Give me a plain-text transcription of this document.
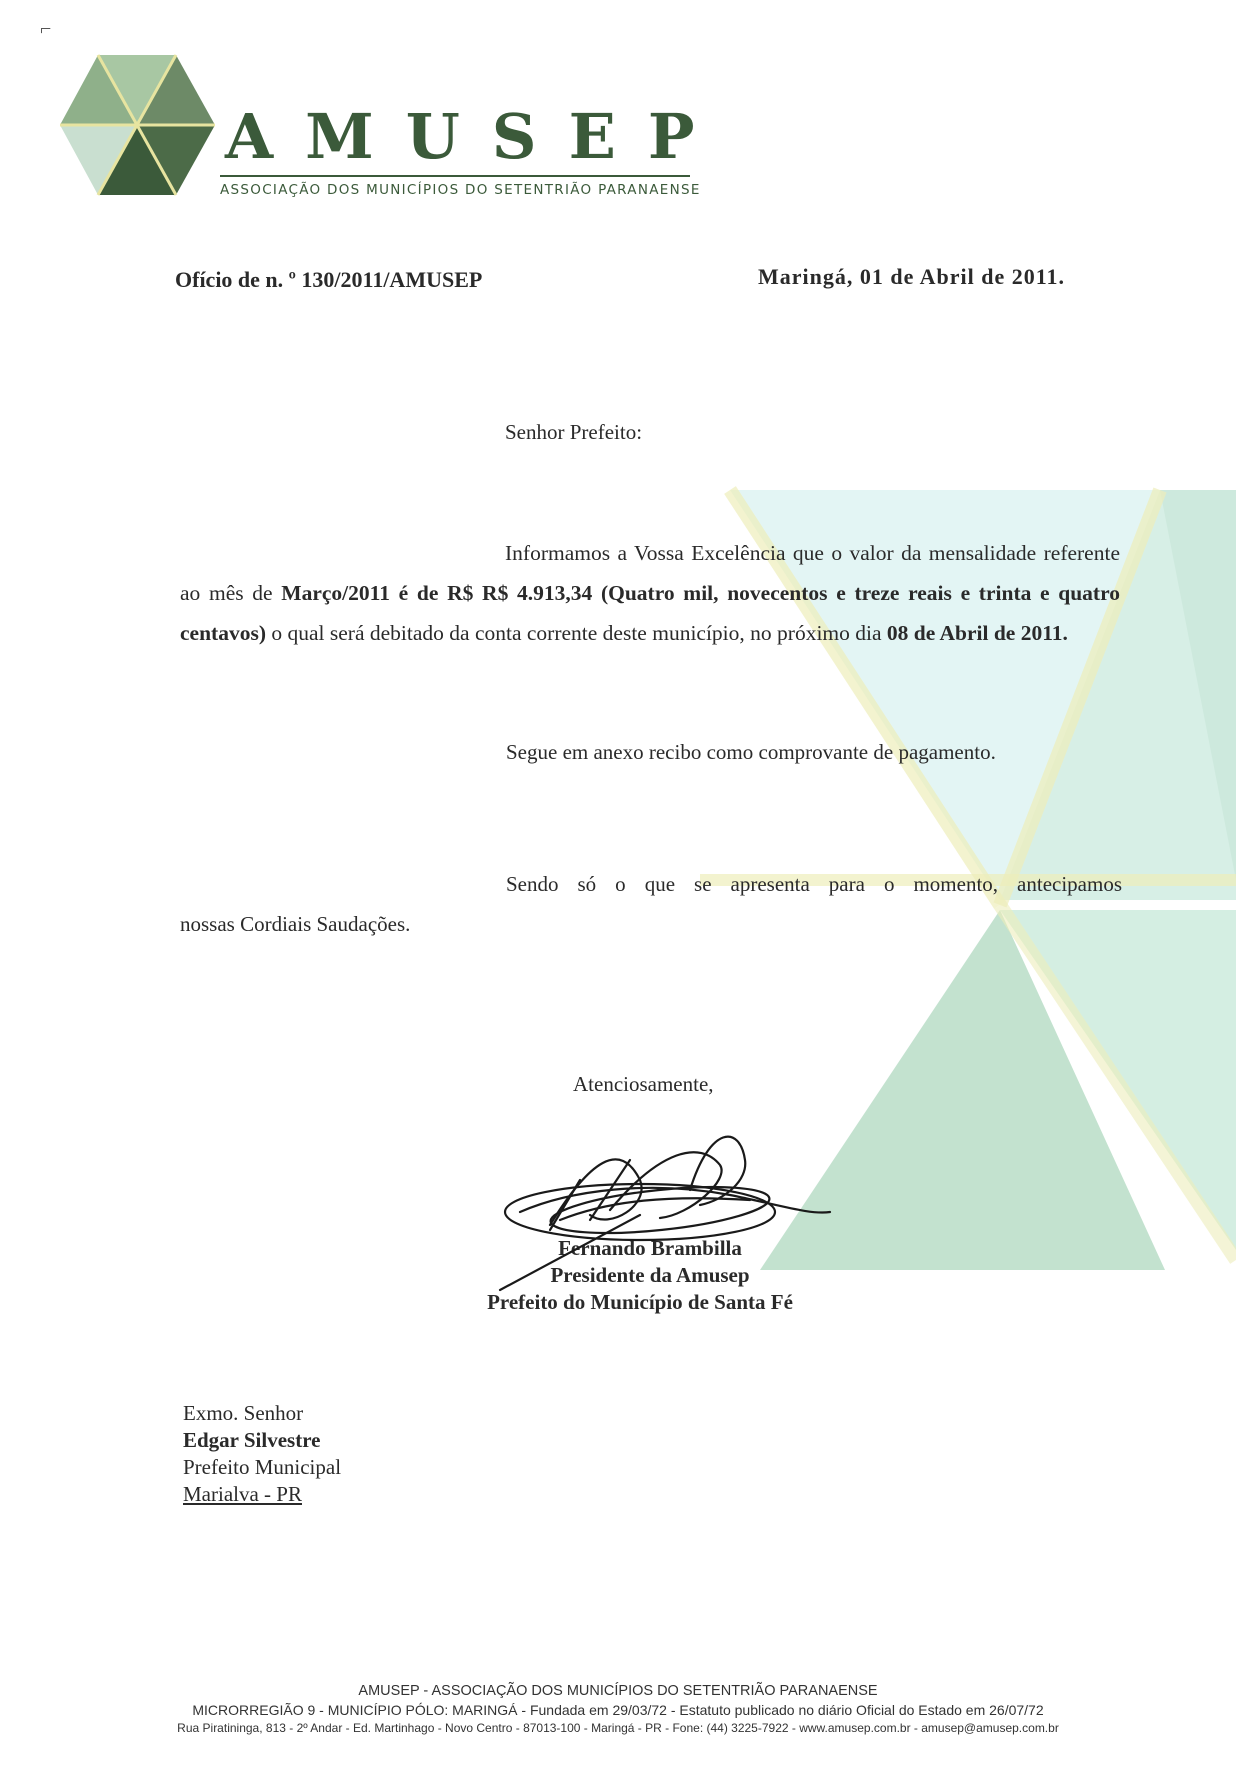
⌐
AMUSEP
ASSOCIAÇÃO DOS MUNICÍPIOS DO SETENTRIÃO PARANAENSE
Ofício de n. º 130/2011/AMUSEP	Maringá, 01 de Abril de 2011.
Senhor Prefeito:

Informamos a Vossa Excelência que o valor da mensalidade referente ao mês de Março/2011 é de R$ R$ 4.913,34 (Quatro mil, novecentos e treze reais e trinta e quatro centavos) o qual será debitado da conta corrente deste município, no próximo dia 08 de Abril de 2011.

Segue em anexo recibo como comprovante de pagamento.

Sendo só o que se apresenta para o momento, antecipamos

nossas Cordiais Saudações.

Atenciosamente,
Fernando Brambilla
Presidente da Amusep
Prefeito do Município de Santa Fé
Exmo. Senhor
Edgar Silvestre
Prefeito Municipal
Marialva - PR
AMUSEP - ASSOCIAÇÃO DOS MUNICÍPIOS DO SETENTRIÃO PARANAENSE
MICRORREGIÃO 9 - MUNICÍPIO PÓLO: MARINGÁ - Fundada em 29/03/72 - Estatuto publicado no diário Oficial do Estado em 26/07/72
Rua Piratininga, 813 - 2º Andar - Ed. Martinhago - Novo Centro - 87013-100 - Maringá - PR - Fone: (44) 3225-7922 - www.amusep.com.br - amusep@amusep.com.br
